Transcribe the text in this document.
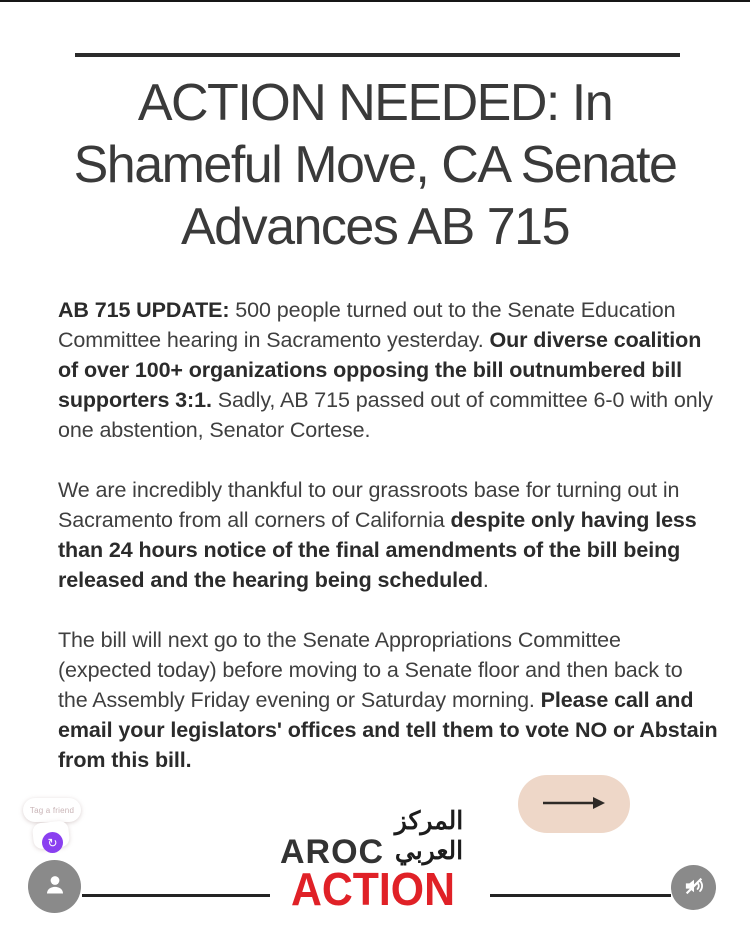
ACTION NEEDED: In
Shameful Move, CA Senate
Advances AB 715

AB 715 UPDATE: 500 people turned out to the Senate Education Committee hearing in Sacramento yesterday. Our diverse coalition of over 100+ organizations opposing the bill outnumbered bill supporters 3:1. Sadly, AB 715 passed out of committee 6-0 with only one abstention, Senator Cortese.

We are incredibly thankful to our grassroots base for turning out in Sacramento from all corners of California despite only having less than 24 hours notice of the final amendments of the bill being released and the hearing being scheduled.

The bill will next go to the Senate Appropriations Committee (expected today) before moving to a Senate floor and then back to the Assembly Friday evening or Saturday morning. Please call and email your legislators' offices and tell them to vote NO or Abstain from this bill.

Tag a friend
↻	AROC
المركز العربي
ACTION
